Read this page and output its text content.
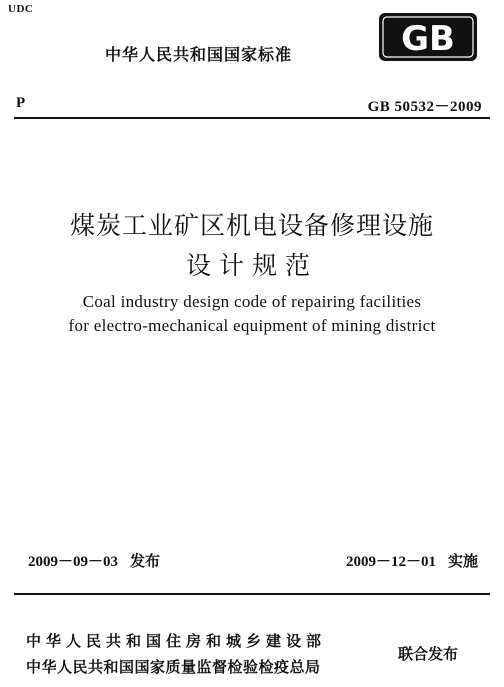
UDC
中华人民共和国国家标准	GB
P	GB 50532－2009
煤炭工业矿区机电设备修理设施
设计规范
Coal industry design code of repairing facilities
for electro-mechanical equipment of mining district
2009－09－03 发布	2009－12－01 实施
中华人民共和国住房和城乡建设部
中华人民共和国国家质量监督检验检疫总局
联合发布
